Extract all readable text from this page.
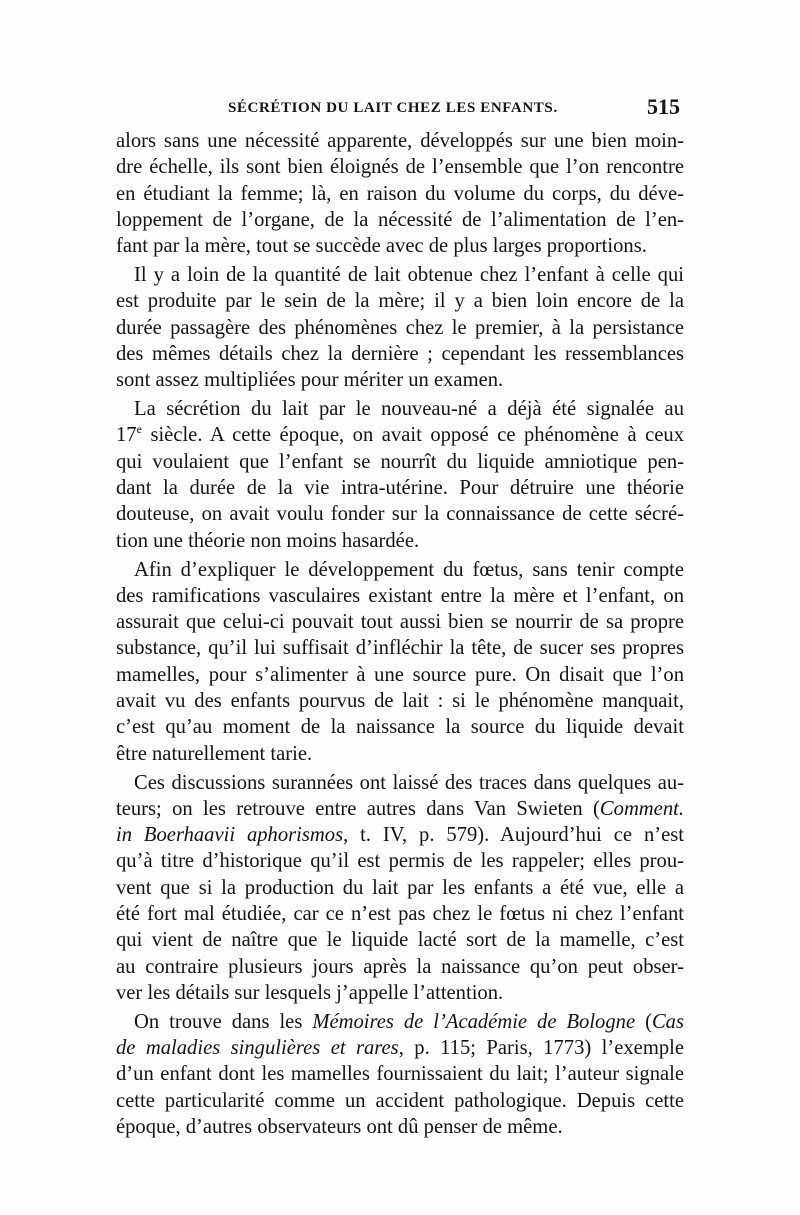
SÉCRÉTION DU LAIT CHEZ LES ENFANTS.	515
alors sans une nécessité apparente, développés sur une bien moin-
dre échelle, ils sont bien éloignés de l’ensemble que l’on rencontre
en étudiant la femme; là, en raison du volume du corps, du déve-
loppement de l’organe, de la nécessité de l’alimentation de l’en-
fant par la mère, tout se succède avec de plus larges proportions.
Il y a loin de la quantité de lait obtenue chez l’enfant à celle qui
est produite par le sein de la mère; il y a bien loin encore de la
durée passagère des phénomènes chez le premier, à la persistance
des mêmes détails chez la dernière ; cependant les ressemblances
sont assez multipliées pour mériter un examen.
La sécrétion du lait par le nouveau-né a déjà été signalée au
17e siècle. A cette époque, on avait opposé ce phénomène à ceux
qui voulaient que l’enfant se nourrît du liquide amniotique pen-
dant la durée de la vie intra-utérine. Pour détruire une théorie
douteuse, on avait voulu fonder sur la connaissance de cette sécré-
tion une théorie non moins hasardée.
Afin d’expliquer le développement du fœtus, sans tenir compte
des ramifications vasculaires existant entre la mère et l’enfant, on
assurait que celui-ci pouvait tout aussi bien se nourrir de sa propre
substance, qu’il lui suffisait d’infléchir la tête, de sucer ses propres
mamelles, pour s’alimenter à une source pure. On disait que l’on
avait vu des enfants pourvus de lait : si le phénomène manquait,
c’est qu’au moment de la naissance la source du liquide devait
être naturellement tarie.
Ces discussions surannées ont laissé des traces dans quelques au-
teurs; on les retrouve entre autres dans Van Swieten (Comment.
in Boerhaavii aphorismos, t. IV, p. 579). Aujourd’hui ce n’est
qu’à titre d’historique qu’il est permis de les rappeler; elles prou-
vent que si la production du lait par les enfants a été vue, elle a
été fort mal étudiée, car ce n’est pas chez le fœtus ni chez l’enfant
qui vient de naître que le liquide lacté sort de la mamelle, c’est
au contraire plusieurs jours après la naissance qu’on peut obser-
ver les détails sur lesquels j’appelle l’attention.
On trouve dans les Mémoires de l’Académie de Bologne (Cas
de maladies singulières et rares, p. 115; Paris, 1773) l’exemple
d’un enfant dont les mamelles fournissaient du lait; l’auteur signale
cette particularité comme un accident pathologique. Depuis cette
époque, d’autres observateurs ont dû penser de même.
